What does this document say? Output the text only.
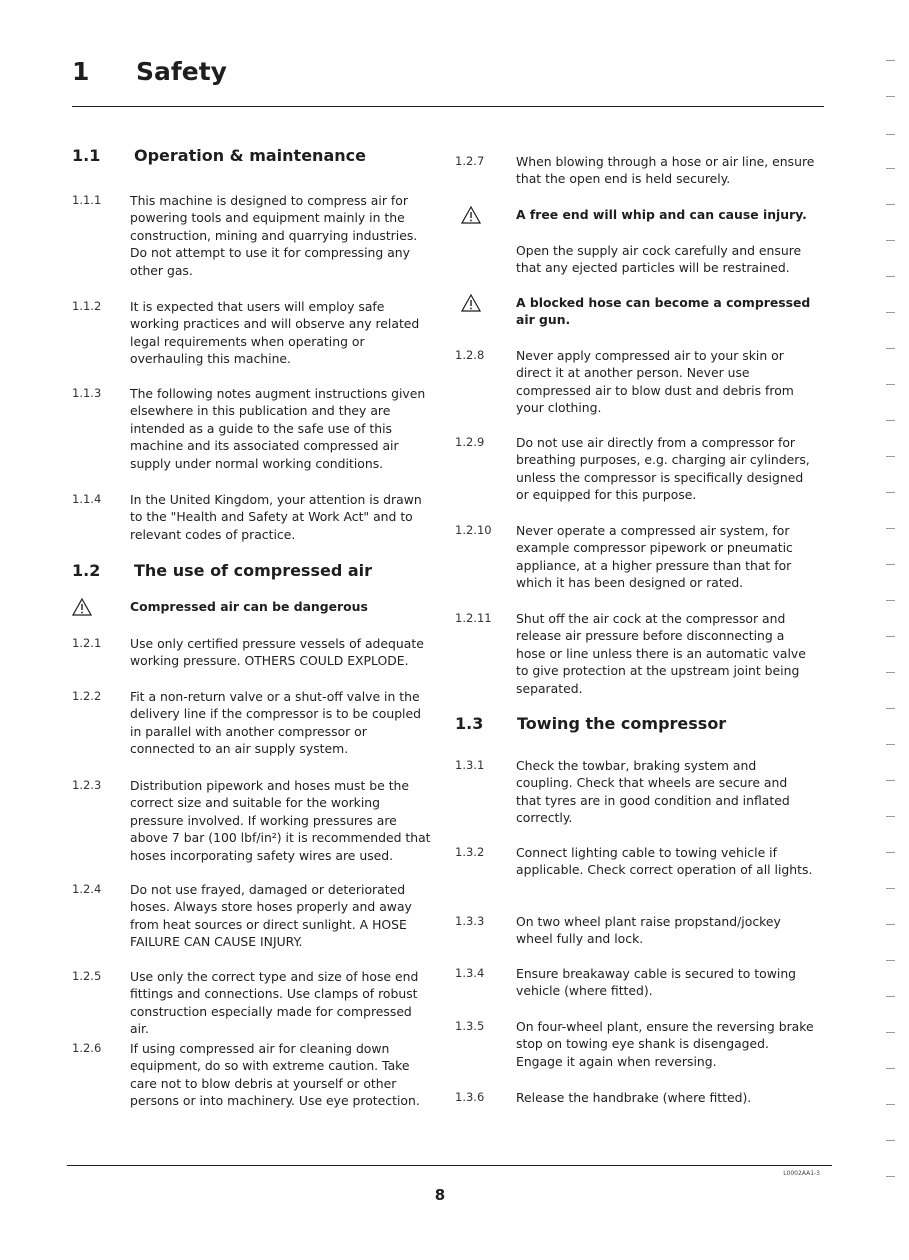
1 Safety
1.1 Operation & maintenance
1.1.1 This machine is designed to compress air for powering tools and equipment mainly in the construction, mining and quarrying industries. Do not attempt to use it for compressing any other gas.
1.1.2 It is expected that users will employ safe working practices and will observe any related legal requirements when operating or overhauling this machine.
1.1.3 The following notes augment instructions given elsewhere in this publication and they are intended as a guide to the safe use of this machine and its associated compressed air supply under normal working conditions.
1.1.4 In the United Kingdom, your attention is drawn to the "Health and Safety at Work Act" and to relevant codes of practice.
1.2 The use of compressed air
Compressed air can be dangerous
1.2.1 Use only certified pressure vessels of adequate working pressure. OTHERS COULD EXPLODE.
1.2.2 Fit a non-return valve or a shut-off valve in the delivery line if the compressor is to be coupled in parallel with another compressor or connected to an air supply system.
1.2.3 Distribution pipework and hoses must be the correct size and suitable for the working pressure involved. If working pressures are above 7 bar (100 lbf/in²) it is recommended that hoses incorporating safety wires are used.
1.2.4 Do not use frayed, damaged or deteriorated hoses. Always store hoses properly and away from heat sources or direct sunlight. A HOSE FAILURE CAN CAUSE INJURY.
1.2.5 Use only the correct type and size of hose end fittings and connections. Use clamps of robust construction especially made for compressed air.
1.2.6 If using compressed air for cleaning down equipment, do so with extreme caution. Take care not to blow debris at yourself or other persons or into machinery. Use eye protection.
1.2.7	When blowing through a hose or air line, ensure that the open end is held securely.
A free end will whip and can cause injury.
Open the supply air cock carefully and ensure that any ejected particles will be restrained.
A blocked hose can become a compressed air gun.
1.2.8	Never apply compressed air to your skin or direct it at another person. Never use compressed air to blow dust and debris from your clothing.
1.2.9	Do not use air directly from a compressor for breathing purposes, e.g. charging air cylinders, unless the compressor is specifically designed or equipped for this purpose.
1.2.10 Never operate a compressed air system, for example compressor pipework or pneumatic appliance, at a higher pressure than that for which it has been designed or rated.
1.2.11 Shut off the air cock at the compressor and release air pressure before disconnecting a hose or line unless there is an automatic valve to give protection at the upstream joint being separated.
1.3 Towing the compressor
1.3.1	Check the towbar, braking system and coupling. Check that wheels are secure and that tyres are in good condition and inflated correctly.
1.3.2	Connect lighting cable to towing vehicle if applicable. Check correct operation of all lights.
1.3.3	On two wheel plant raise propstand/jockey wheel fully and lock.
1.3.4	Ensure breakaway cable is secured to towing vehicle (where fitted).
1.3.5	On four-wheel plant, ensure the reversing brake stop on towing eye shank is disengaged. Engage it again when reversing.
1.3.6	Release the handbrake (where fitted).
L0002AA1-3
8
